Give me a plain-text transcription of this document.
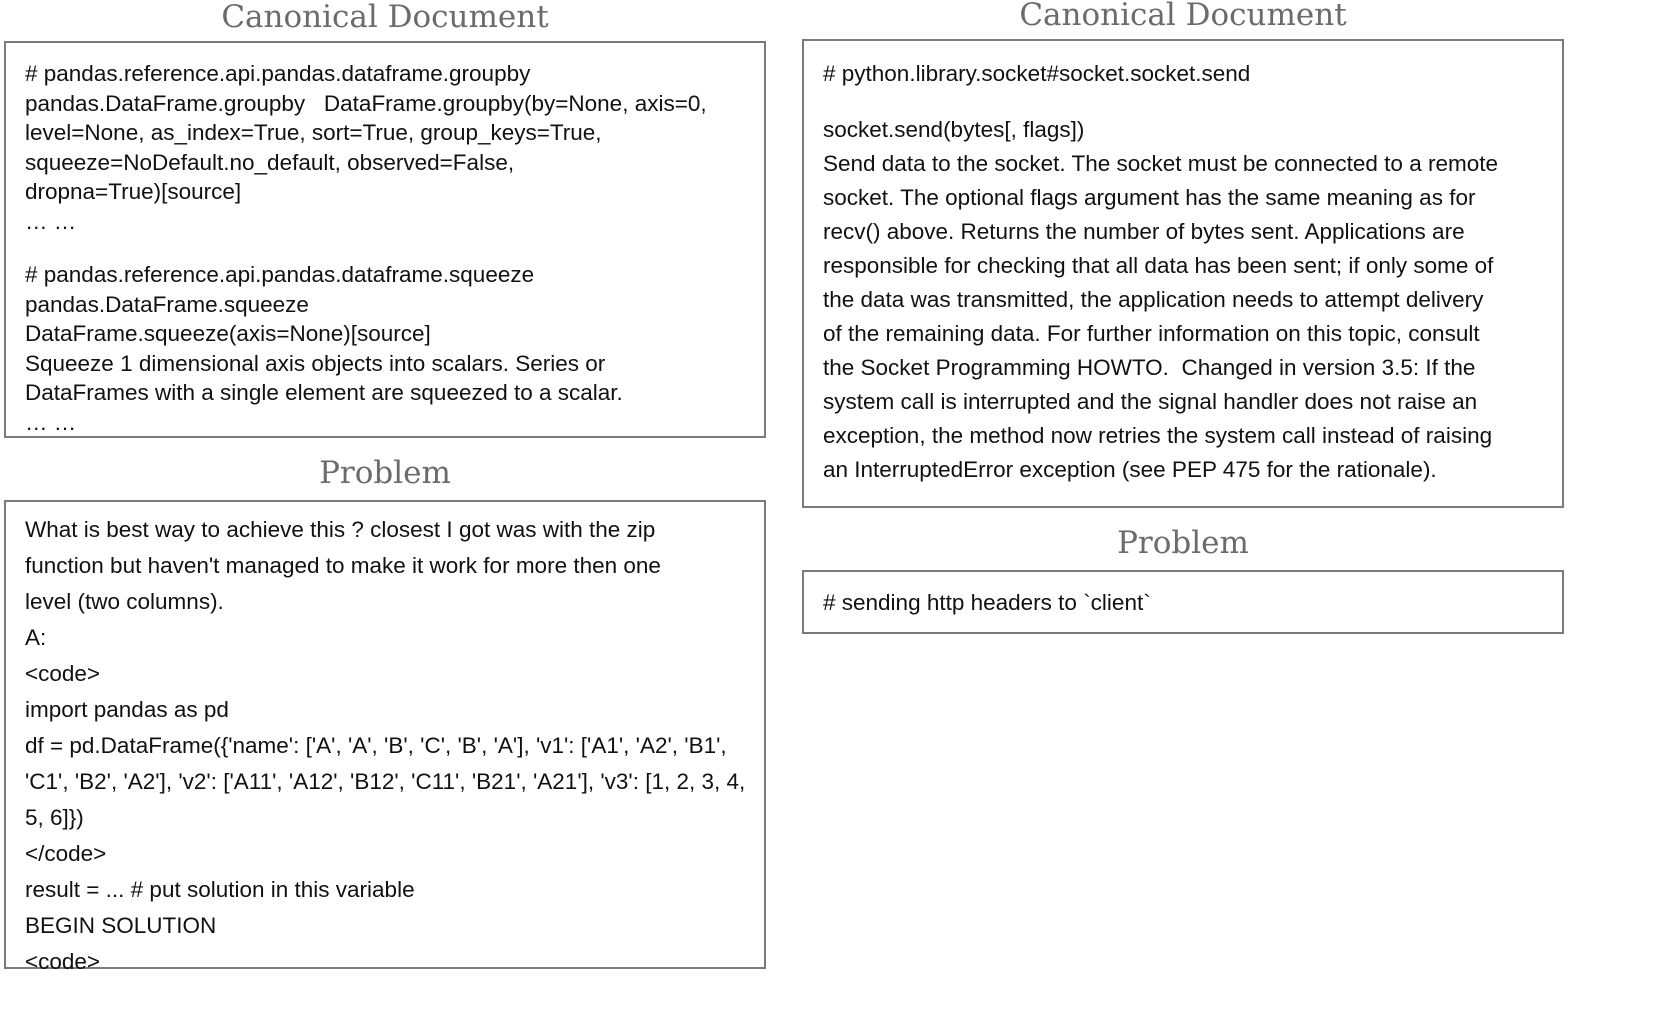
Canonical Document
# pandas.reference.api.pandas.dataframe.groupby
pandas.DataFrame.groupby   DataFrame.groupby(by=None, axis=0,
level=None, as_index=True, sort=True, group_keys=True,
squeeze=NoDefault.no_default, observed=False,
dropna=True)[source]
… …
# pandas.reference.api.pandas.dataframe.squeeze
pandas.DataFrame.squeeze
DataFrame.squeeze(axis=None)[source]
Squeeze 1 dimensional axis objects into scalars. Series or
DataFrames with a single element are squeezed to a scalar.
… …
Problem
What is best way to achieve this ? closest I got was with the zip
function but haven't managed to make it work for more then one
level (two columns).
A:
<code>
import pandas as pd
df = pd.DataFrame({'name': ['A', 'A', 'B', 'C', 'B', 'A'], 'v1': ['A1', 'A2', 'B1',
'C1', 'B2', 'A2'], 'v2': ['A11', 'A12', 'B12', 'C11', 'B21', 'A21'], 'v3': [1, 2, 3, 4,
5, 6]})
</code>
result = ... # put solution in this variable
BEGIN SOLUTION
<code>
Canonical Document
# python.library.socket#socket.socket.send
socket.send(bytes[, flags])
Send data to the socket. The socket must be connected to a remote
socket. The optional flags argument has the same meaning as for
recv() above. Returns the number of bytes sent. Applications are
responsible for checking that all data has been sent; if only some of
the data was transmitted, the application needs to attempt delivery
of the remaining data. For further information on this topic, consult
the Socket Programming HOWTO.  Changed in version 3.5: If the
system call is interrupted and the signal handler does not raise an
exception, the method now retries the system call instead of raising
an InterruptedError exception (see PEP 475 for the rationale).
Problem
# sending http headers to `client`
